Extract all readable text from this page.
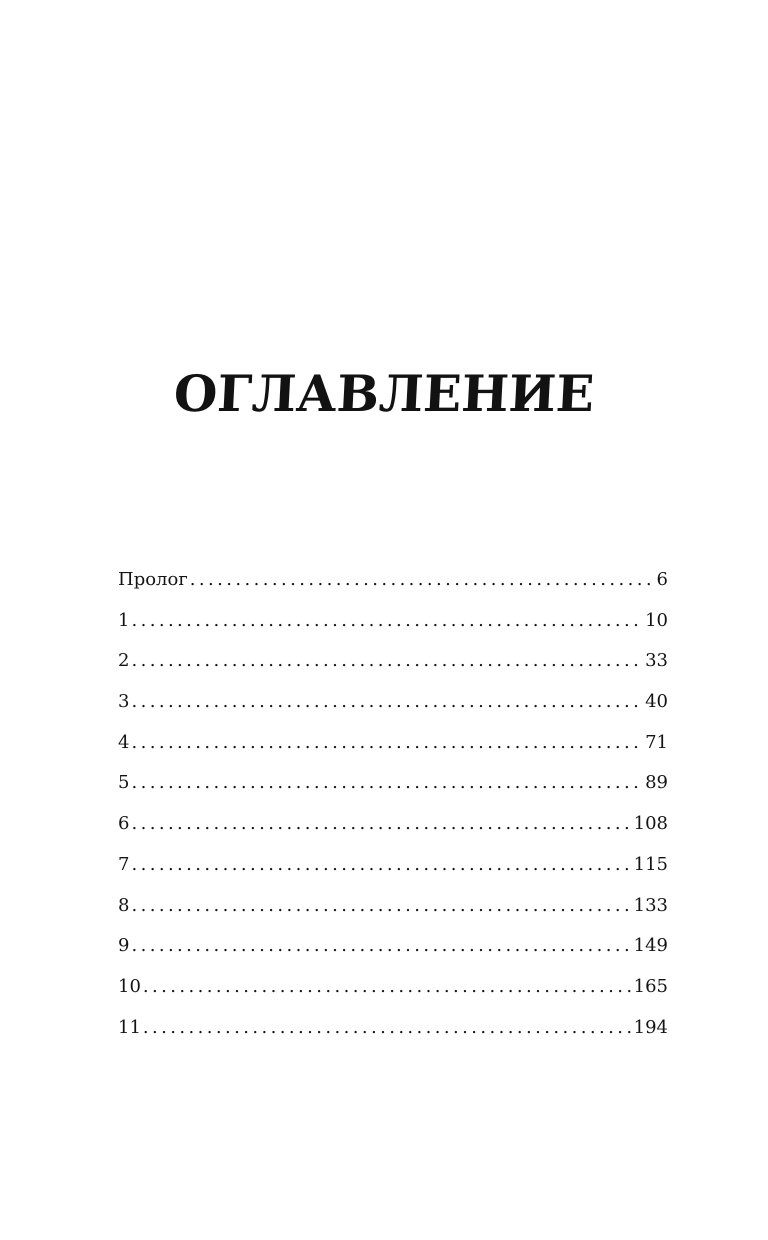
ОГЛАВЛЕНИЕ
Пролог .....	6
1 .....	10
2 .....	33
3 .....	40
4 .....	71
5 .....	89
6 .....	108
7 .....	115
8 .....	133
9 .....	149
10 .....	165
11 .....	194
